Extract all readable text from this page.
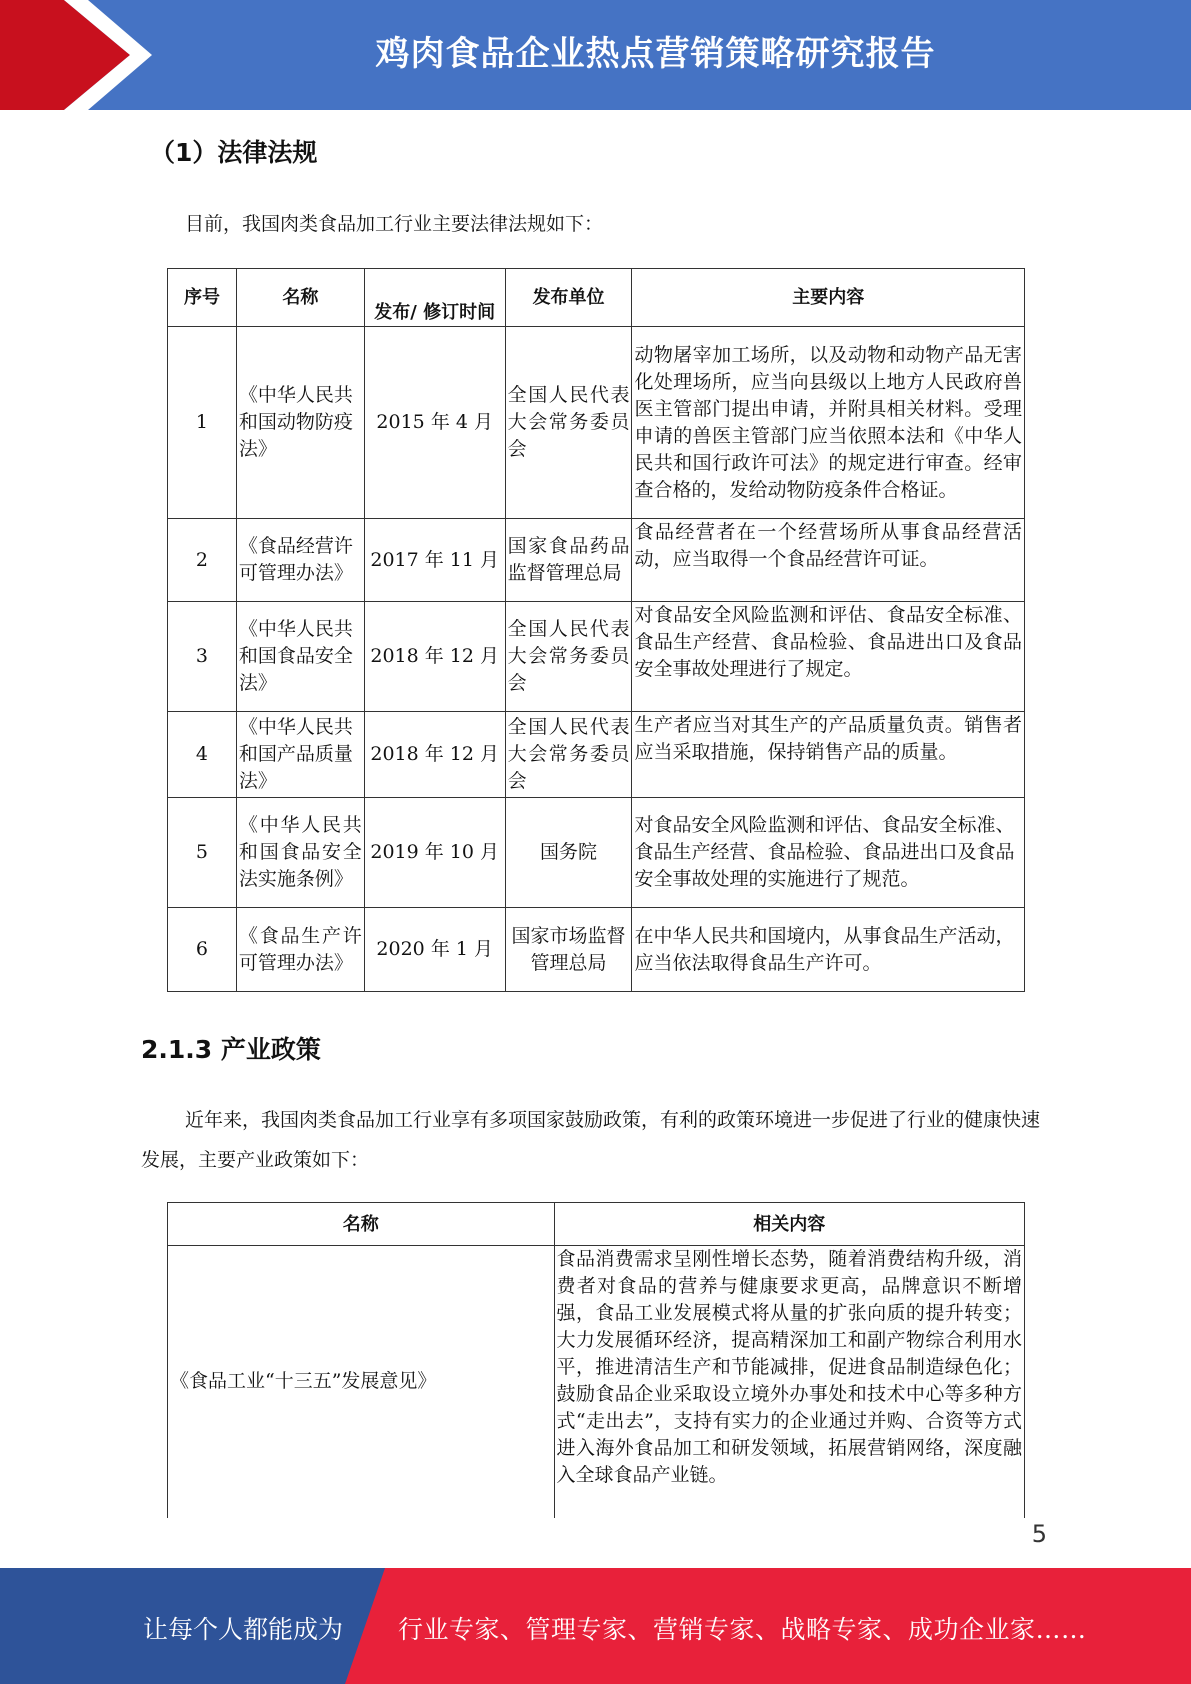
鸡肉食品企业热点营销策略研究报告
（1）法律法规
目前，我国肉类食品加工行业主要法律法规如下：
序号	名称	发布/ 修订时间	发布单位	主要内容
1	《中华人民共和国动物防疫法》	2015 年 4 月	全国人民代表大会常务委员会	动物屠宰加工场所，以及动物和动物产品无害化处理场所，应当向县级以上地方人民政府兽医主管部门提出申请，并附具相关材料。受理申请的兽医主管部门应当依照本法和《中华人民共和国行政许可法》的规定进行审查。经审查合格的，发给动物防疫条件合格证。
2	《食品经营许可管理办法》	2017 年 11 月	国家食品药品监督管理总局	食品经营者在一个经营场所从事食品经营活动，应当取得一个食品经营许可证。
3	《中华人民共和国食品安全法》	2018 年 12 月	全国人民代表大会常务委员会	对食品安全风险监测和评估、食品安全标准、食品生产经营、食品检验、食品进出口及食品安全事故处理进行了规定。
4	《中华人民共和国产品质量法》	2018 年 12 月	全国人民代表大会常务委员会	生产者应当对其生产的产品质量负责。销售者应当采取措施，保持销售产品的质量。
5	《中华人民共和国食品安全法实施条例》	2019 年 10 月	国务院	对食品安全风险监测和评估、食品安全标准、食品生产经营、食品检验、食品进出口及食品安全事故处理的实施进行了规范。
6	《食品生产许可管理办法》	2020 年 1 月	国家市场监督管理总局	在中华人民共和国境内，从事食品生产活动，应当依法取得食品生产许可。
2.1.3 产业政策
近年来，我国肉类食品加工行业享有多项国家鼓励政策，有利的政策环境进一步促进了行业的健康快速发展，主要产业政策如下：
名称	相关内容
《食品工业“十三五”发展意见》	食品消费需求呈刚性增长态势，随着消费结构升级，消费者对食品的营养与健康要求更高，品牌意识不断增强，食品工业发展模式将从量的扩张向质的提升转变；大力发展循环经济，提高精深加工和副产物综合利用水平，推进清洁生产和节能减排，促进食品制造绿色化；鼓励食品企业采取设立境外办事处和技术中心等多种方式“走出去”，支持有实力的企业通过并购、合资等方式进入海外食品加工和研发领域，拓展营销网络，深度融入全球食品产业链。
5
让每个人都能成为 行业专家、管理专家、营销专家、战略专家、成功企业家……
